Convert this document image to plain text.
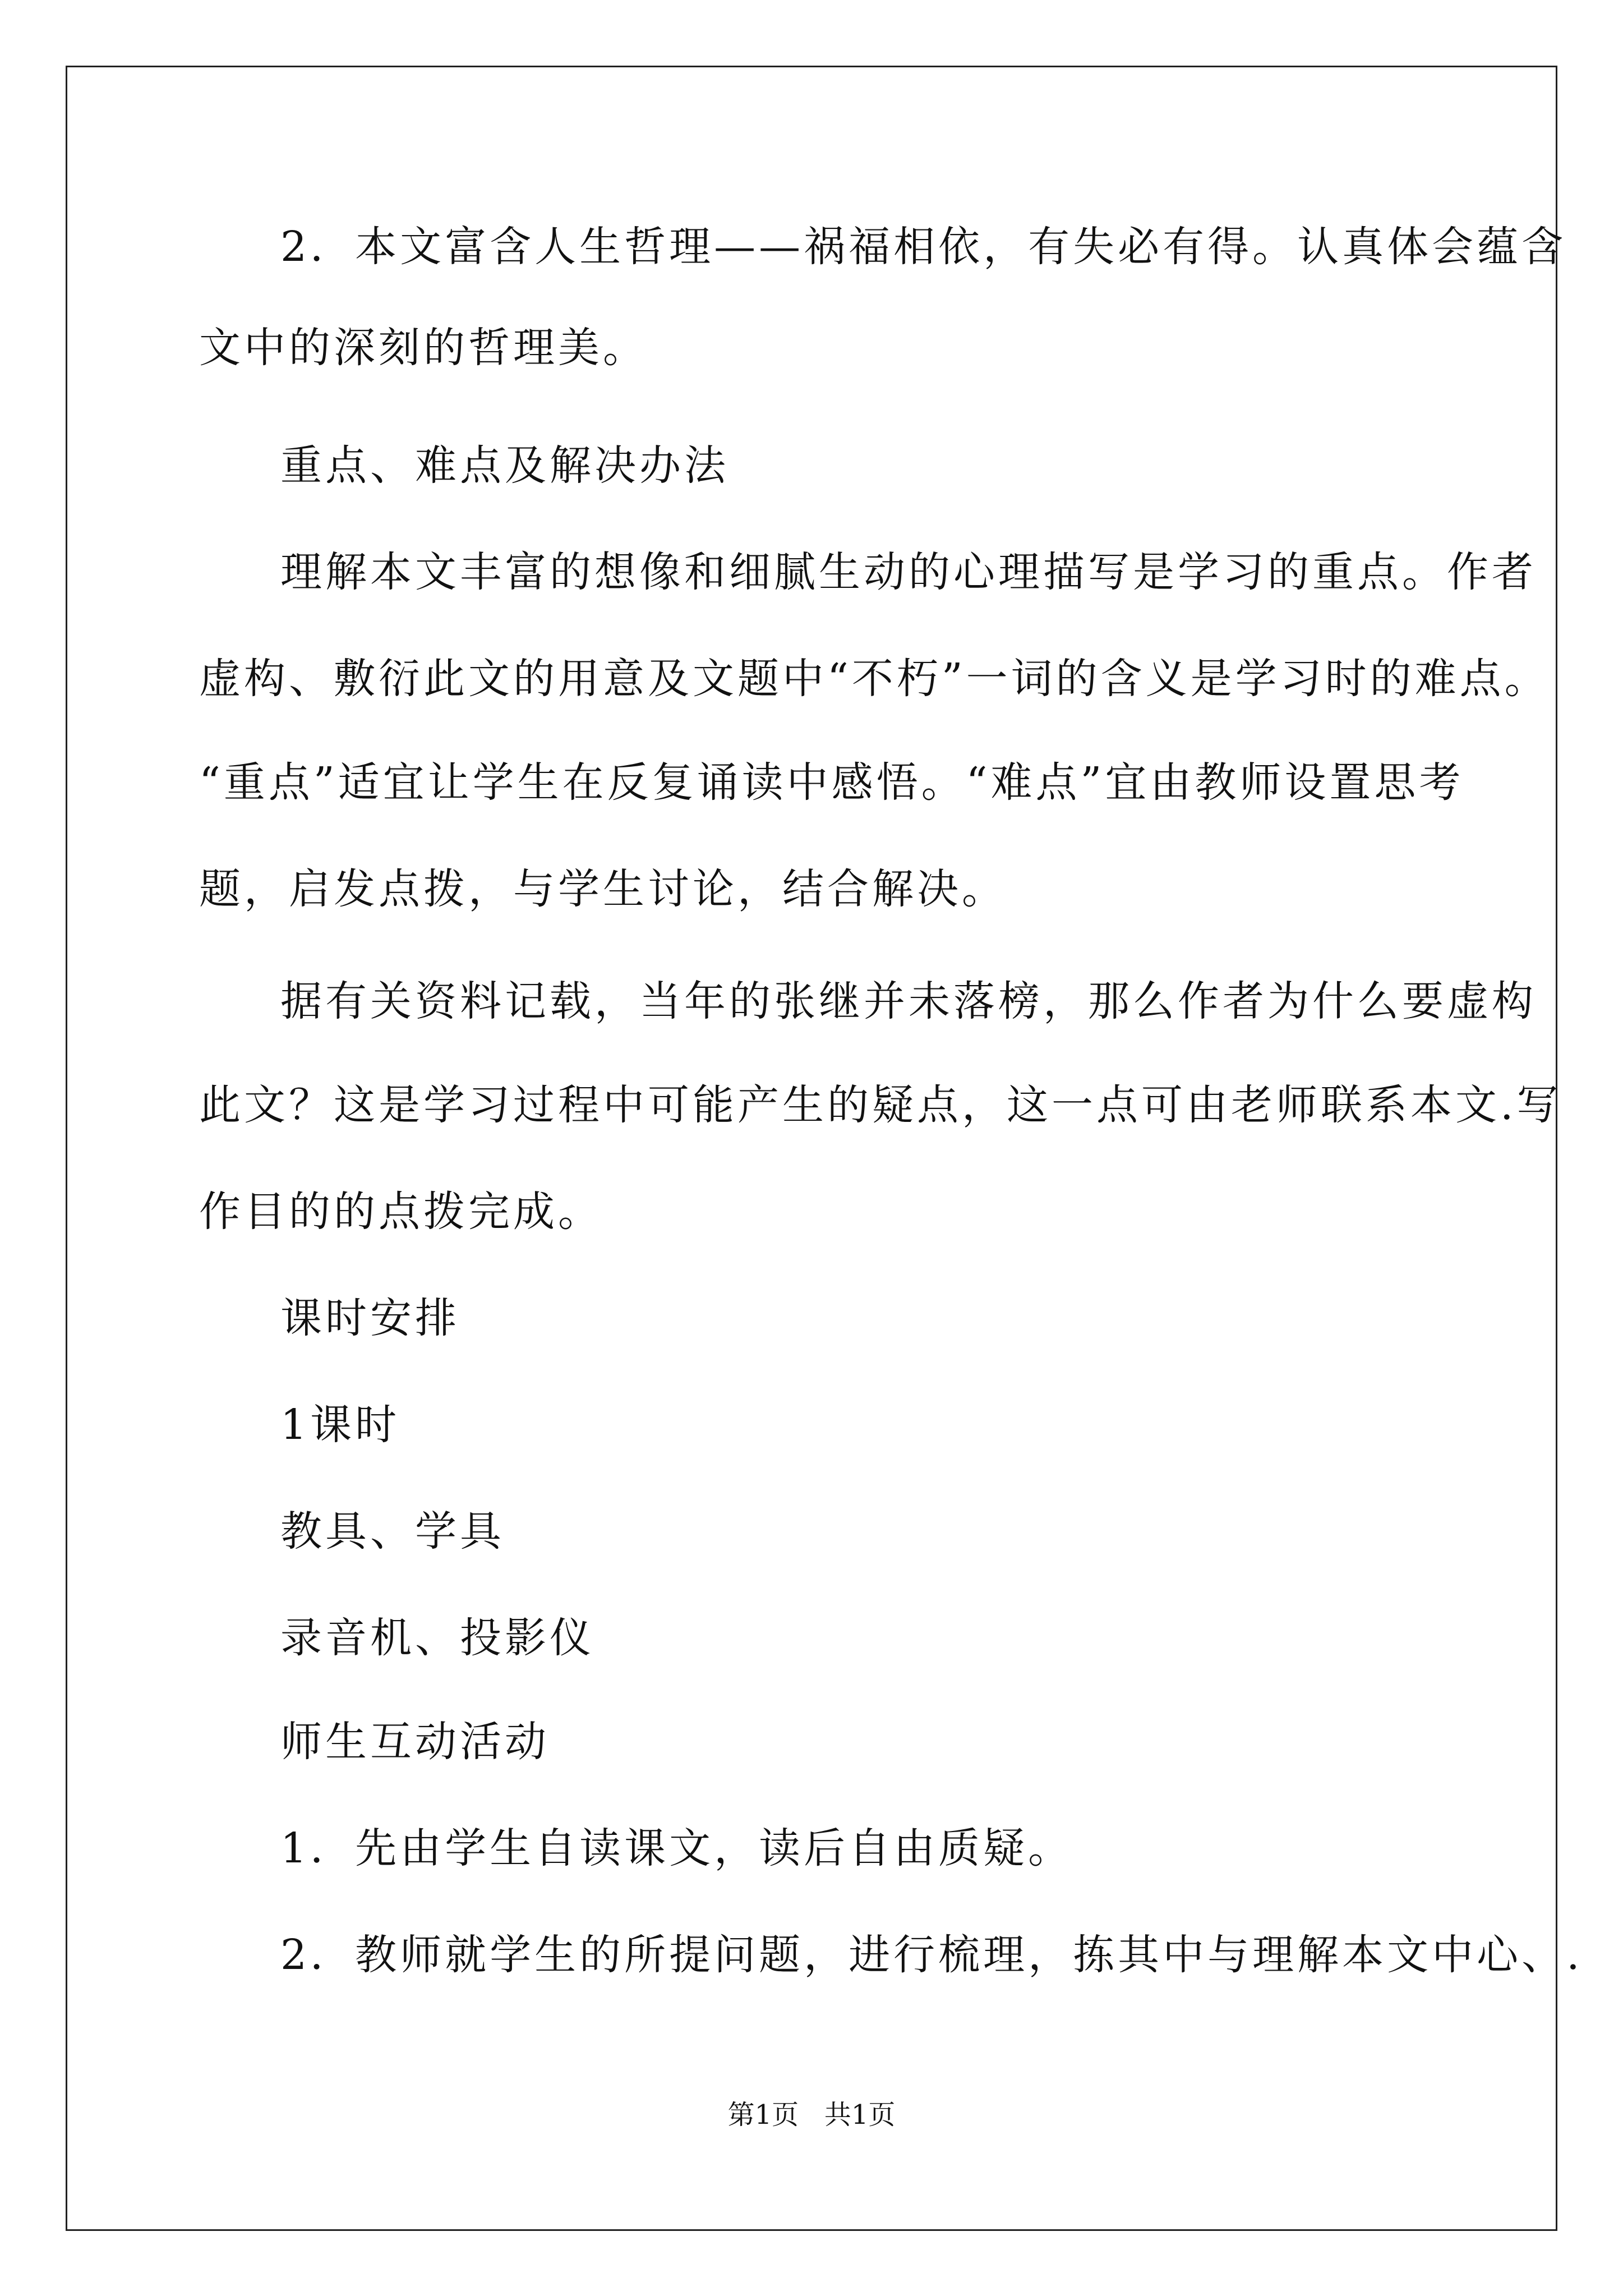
2．本文富含人生哲理——祸福相依，有失必有得。认真体会蕴含
文中的深刻的哲理美。
重点、难点及解决办法
理解本文丰富的想像和细腻生动的心理描写是学习的重点。作者
虚构、敷衍此文的用意及文题中“不朽”一词的含义是学习时的难点。
“重点”适宜让学生在反复诵读中感悟。“难点”宜由教师设置思考
题，启发点拨，与学生讨论，结合解决。
据有关资料记载，当年的张继并未落榜，那么作者为什么要虚构
此文？这是学习过程中可能产生的疑点，这一点可由老师联系本文.写
作目的的点拨完成。
课时安排
1课时
教具、学具
录音机、投影仪
师生互动活动
1．先由学生自读课文，读后自由质疑。
2．教师就学生的所提问题，进行梳理，拣其中与理解本文中心、.
第1页   共1页
